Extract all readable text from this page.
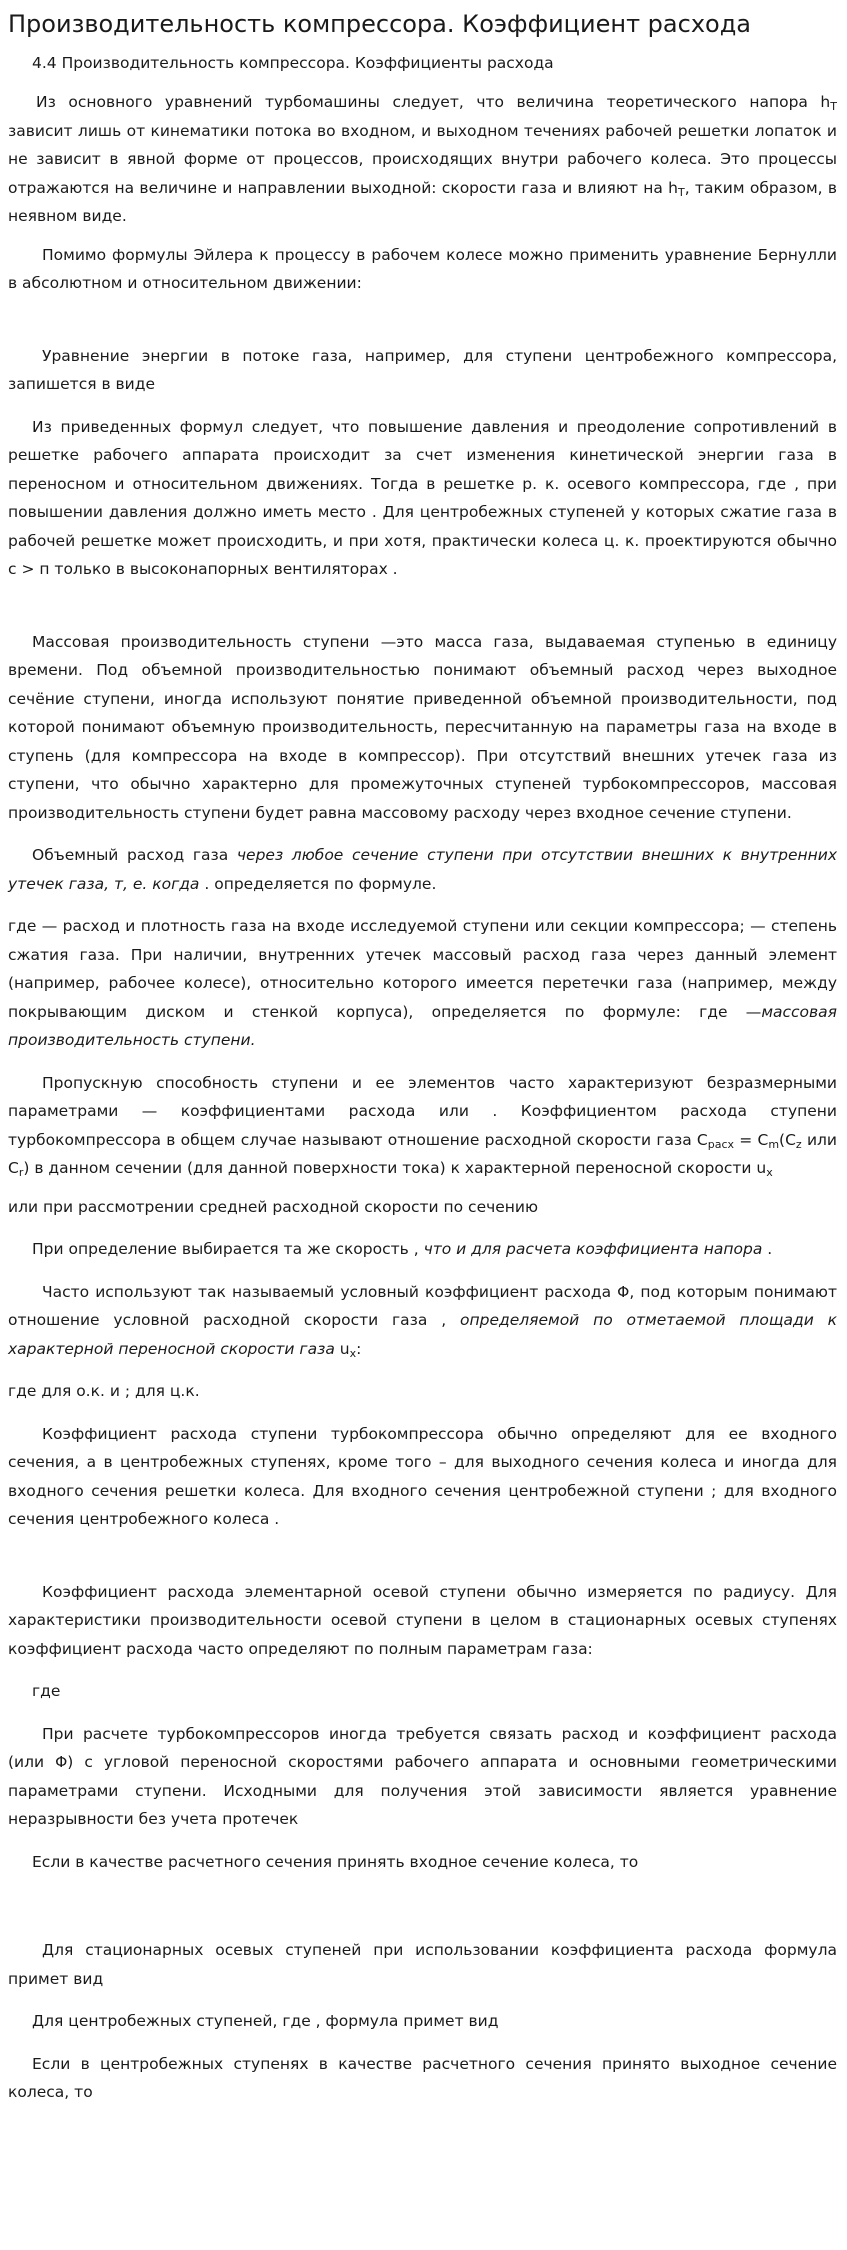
Производительность компрессора. Коэффициент расхода
4.4 Производительность компрессора. Коэффициенты расхода

Из основного уравнений турбомашины следует, что величина теоретического напора $h_T$ зависит лишь от кинематики потока во входном, и выходном течениях рабочей решетки лопаток и не зависит в явной форме от процессов, происходящих внутри рабочего колеса. Это процессы отражаются на величине и направлении выходной: скорости газа и влияют на $h_T$, таким образом, в неявном виде.

Помимо формулы Эйлера к процессу в рабочем колесе можно применить уравнение Бернулли в абсолютном и относительном движении:

Уравнение энергии в потоке газа, например, для ступени центробежного компрессора, запишется в виде

Из приведенных формул следует, что повышение давления и преодоление сопротивлений в решетке рабочего аппарата происходит за счет изменения кинетической энергии газа в переносном и относительном движениях. Тогда в решетке р. к. осевого компрессора, где , при повышении давления должно иметь место . Для центробежных ступеней у которых сжатие газа в рабочей решетке может происходить, и при хотя, практически колеса ц. к. проектируются обычно с > п только в высоконапорных вентиляторах .

Массовая производительность ступени —это масса газа, выдаваемая ступенью в единицу времени. Под объемной производительностью понимают объемный расход через выходное сечёние ступени, иногда используют понятие приведенной объемной производительности, под которой понимают объемную производительность, пересчитанную на параметры газа на входе в ступень (для компрессора на входе в компрессор). При отсутствий внешних утечек газа из ступени, что обычно характерно для промежуточных ступеней турбокомпрессоров, массовая производительность ступени будет равна массовому расходу через входное сечение ступени.

Объемный расход газа через любое сечение ступени при отсутствии внешних к внутренних утечек газа, т, е. когда . определяется по формуле.

где — расход и плотность газа на входе исследуемой ступени или секции компрессора; — степень сжатия газа. При наличии, внутренних утечек массовый расход газа через данный элемент (например, рабочее колесе), относительно которого имеется перетечки газа (например, между покрывающим диском и стенкой корпуса), определяется по формуле: где —массовая производительность ступени.

Пропускную способность ступени и ее элементов часто характеризуют безразмерными параметрами — коэффициентами расхода или . Коэффициентом расхода ступени турбокомпрессора в общем случае называют отношение расходной скорости газа $C_{расх} = C_m(C_z$ или $C_r$) в данном сечении (для данной поверхности тока) к характерной переносной скорости $u_x$

или при рассмотрении средней расходной скорости по сечению

При определение выбирается та же скорость , что и для расчета коэффициента напора .

Часто используют так называемый условный коэффициент расхода Φ, под которым понимают отношение условной расходной скорости газа , определяемой по отметаемой площади к характерной переносной скорости газа $u_x$:

где для о.к. и ; для ц.к.

Коэффициент расхода ступени турбокомпрессора обычно определяют для ее входного сечения, а в центробежных ступенях, кроме того – для выходного сечения колеса и иногда для входного сечения решетки колеса. Для входного сечения центробежной ступени ; для входного сечения центробежного колеса .

Коэффициент расхода элементарной осевой ступени обычно измеряется по радиусу. Для характеристики производительности осевой ступени в целом в стационарных осевых ступенях коэффициент расхода часто определяют по полным параметрам газа:

где

При расчете турбокомпрессоров иногда требуется связать расход и коэффициент расхода (или Φ) с угловой переносной скоростями рабочего аппарата и основными геометрическими параметрами ступени. Исходными для получения этой зависимости является уравнение неразрывности без учета протечек

Если в качестве расчетного сечения принять входное сечение колеса, то

Для стационарных осевых ступеней при использовании коэффициента расхода формула примет вид

Для центробежных ступеней, где , формула примет вид

Если в центробежных ступенях в качестве расчетного сечения принято выходное сечение колеса, то
